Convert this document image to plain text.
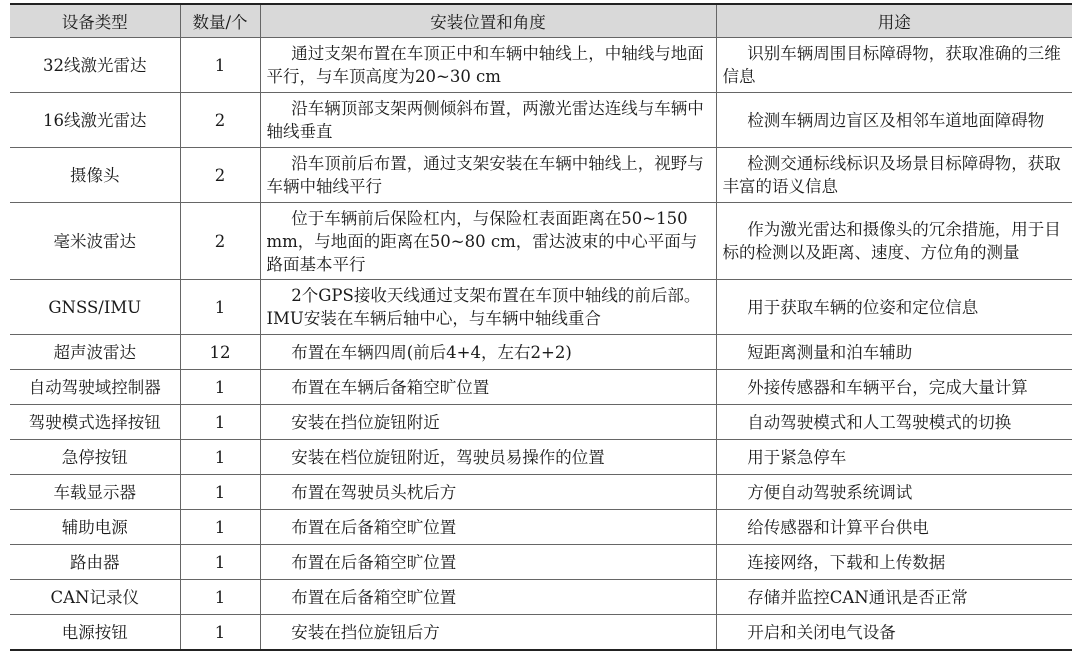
设备类型	数量/个	安装位置和角度	用途
32线激光雷达	1	通过支架布置在车顶正中和车辆中轴线上，中轴线与地面平行，与车顶高度为20~30 cm	识别车辆周围目标障碍物，获取准确的三维信息
16线激光雷达	2	沿车辆顶部支架两侧倾斜布置，两激光雷达连线与车辆中轴线垂直	检测车辆周边盲区及相邻车道地面障碍物
摄像头	2	沿车顶前后布置，通过支架安装在车辆中轴线上，视野与车辆中轴线平行	检测交通标线标识及场景目标障碍物，获取丰富的语义信息
毫米波雷达	2	位于车辆前后保险杠内，与保险杠表面距离在50~150 mm，与地面的距离在50~80 cm，雷达波束的中心平面与路面基本平行	作为激光雷达和摄像头的冗余措施，用于目标的检测以及距离、速度、方位角的测量
GNSS/IMU	1	2个GPS接收天线通过支架布置在车顶中轴线的前后部。IMU安装在车辆后轴中心，与车辆中轴线重合	用于获取车辆的位姿和定位信息
超声波雷达	12	布置在车辆四周(前后4+4，左右2+2)	短距离测量和泊车辅助
自动驾驶域控制器	1	布置在车辆后备箱空旷位置	外接传感器和车辆平台，完成大量计算
驾驶模式选择按钮	1	安装在挡位旋钮附近	自动驾驶模式和人工驾驶模式的切换
急停按钮	1	安装在档位旋钮附近，驾驶员易操作的位置	用于紧急停车
车载显示器	1	布置在驾驶员头枕后方	方便自动驾驶系统调试
辅助电源	1	布置在后备箱空旷位置	给传感器和计算平台供电
路由器	1	布置在后备箱空旷位置	连接网络，下载和上传数据
CAN记录仪	1	布置在后备箱空旷位置	存储并监控CAN通讯是否正常
电源按钮	1	安装在挡位旋钮后方	开启和关闭电气设备
